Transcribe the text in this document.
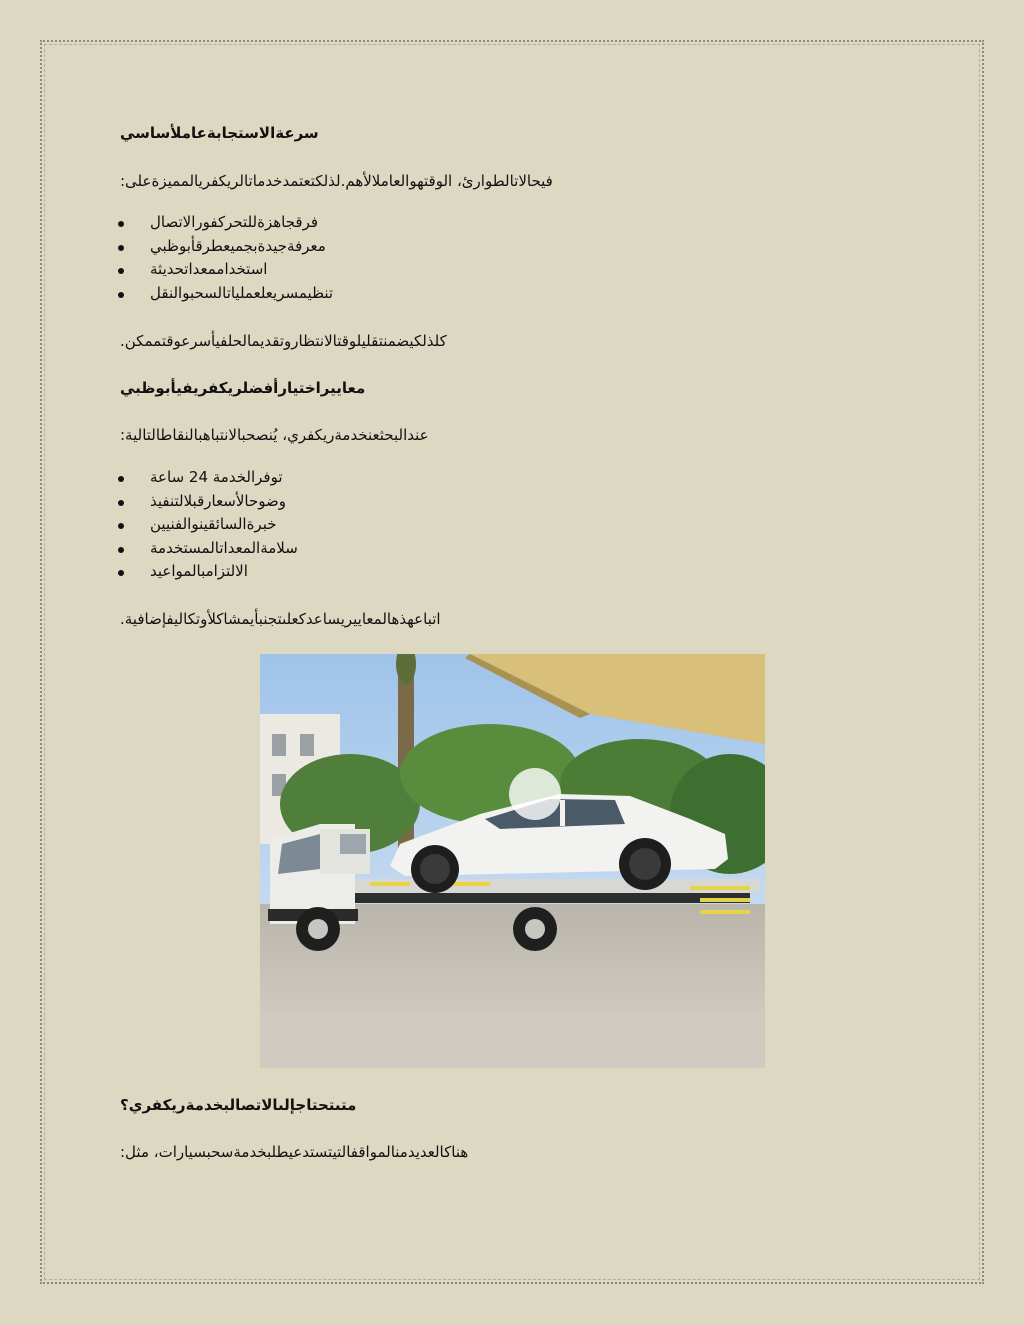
سرعةالاستجابةعاملأساسي
فيحالاتالطوارئ، الوقتهوالعاملالأهم.لذلكتعتمدخدماتالريكفريالمميزةعلى:
فرقجاهزةللتحركفورالاتصال
معرفةجيدةبجميعطرقأبوظبي
استخداممعداتحديثة
تنظيمسريعلعملياتالسحبوالنقل
كلذلكيضمنتقليلوقتالانتظاروتقديمالحلفيأسرعوقتممكن.
معاييراختيارأفضلريكفريفيأبوظبي
عندالبحثعنخدمةريكفري، يُنصحبالانتباهبالنقاطالتالية:
توفرالخدمة 24 ساعة
وضوحالأسعارقبلالتنفيذ
خبرةالسائقينوالفنيين
سلامةالمعداتالمستخدمة
الالتزامبالمواعيد
اتباعهذهالمعاييريساعدكعلىتجنبأيمشاكلأوتكاليفإضافية.
متىتحتاجإلىالاتصالبخدمةريكفري؟
هناكالعديدمنالمواقفالتيتستدعيطلبخدمةسحبسيارات، مثل:
